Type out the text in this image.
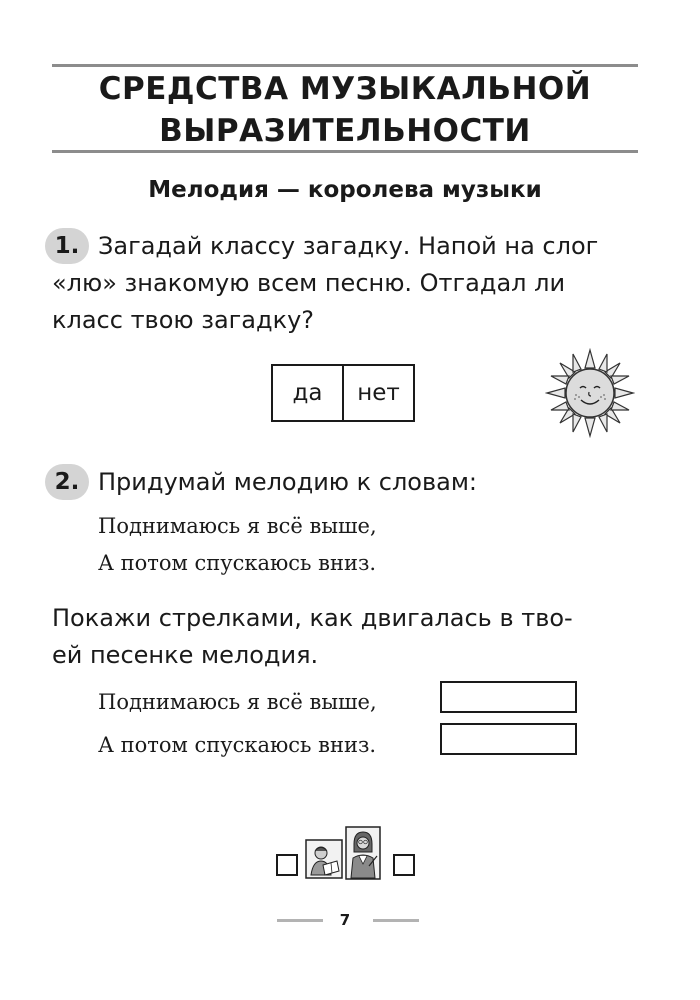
СРЕДСТВА МУЗЫКАЛЬНОЙ
ВЫРАЗИТЕЛЬНОСТИ
Мелодия — королева музыки
1. Загадай классу загадку. Напой на слог
«лю» знакомую всем песню. Отгадал ли
класс твою загадку?
да	нет
2. Придумай мелодию к словам:
Поднимаюсь я всё выше,
А потом спускаюсь вниз.
Покажи стрелками, как двигалась в тво-
ей песенке мелодия.
Поднимаюсь я всё выше,
А потом спускаюсь вниз.
7
